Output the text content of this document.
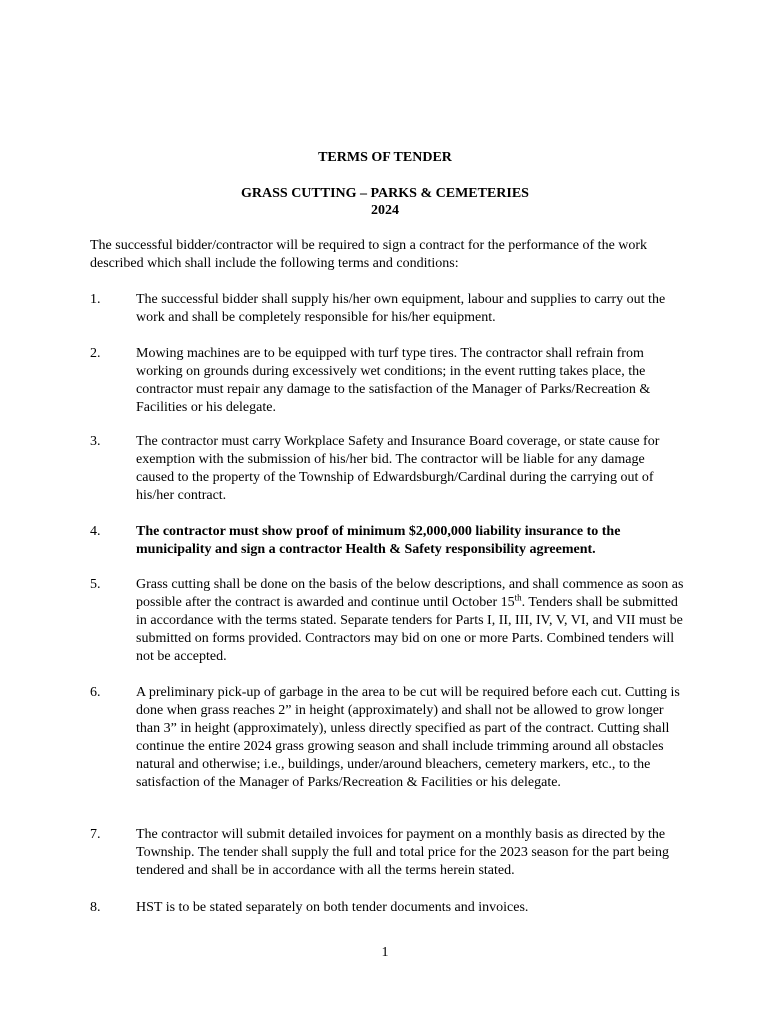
TERMS OF TENDER
GRASS CUTTING – PARKS & CEMETERIES
2024
The successful bidder/contractor will be required to sign a contract for the performance of the work described which shall include the following terms and conditions:
1.	The successful bidder shall supply his/her own equipment, labour and supplies to carry out the work and shall be completely responsible for his/her equipment.
2.	Mowing machines are to be equipped with turf type tires. The contractor shall refrain from working on grounds during excessively wet conditions; in the event rutting takes place, the contractor must repair any damage to the satisfaction of the Manager of Parks/Recreation & Facilities or his delegate.
3.	The contractor must carry Workplace Safety and Insurance Board coverage, or state cause for exemption with the submission of his/her bid. The contractor will be liable for any damage caused to the property of the Township of Edwardsburgh/Cardinal during the carrying out of his/her contract.
4.	The contractor must show proof of minimum $2,000,000 liability insurance to the municipality and sign a contractor Health & Safety responsibility agreement.
5.	Grass cutting shall be done on the basis of the below descriptions, and shall commence as soon as possible after the contract is awarded and continue until October 15th. Tenders shall be submitted in accordance with the terms stated. Separate tenders for Parts I, II, III, IV, V, VI, and VII must be submitted on forms provided. Contractors may bid on one or more Parts. Combined tenders will not be accepted.
6.	A preliminary pick-up of garbage in the area to be cut will be required before each cut. Cutting is done when grass reaches 2” in height (approximately) and shall not be allowed to grow longer than 3” in height (approximately), unless directly specified as part of the contract. Cutting shall continue the entire 2024 grass growing season and shall include trimming around all obstacles natural and otherwise; i.e., buildings, under/around bleachers, cemetery markers, etc., to the satisfaction of the Manager of Parks/Recreation & Facilities or his delegate.
7.	The contractor will submit detailed invoices for payment on a monthly basis as directed by the Township. The tender shall supply the full and total price for the 2023 season for the part being tendered and shall be in accordance with all the terms herein stated.
8.	HST is to be stated separately on both tender documents and invoices.
1
